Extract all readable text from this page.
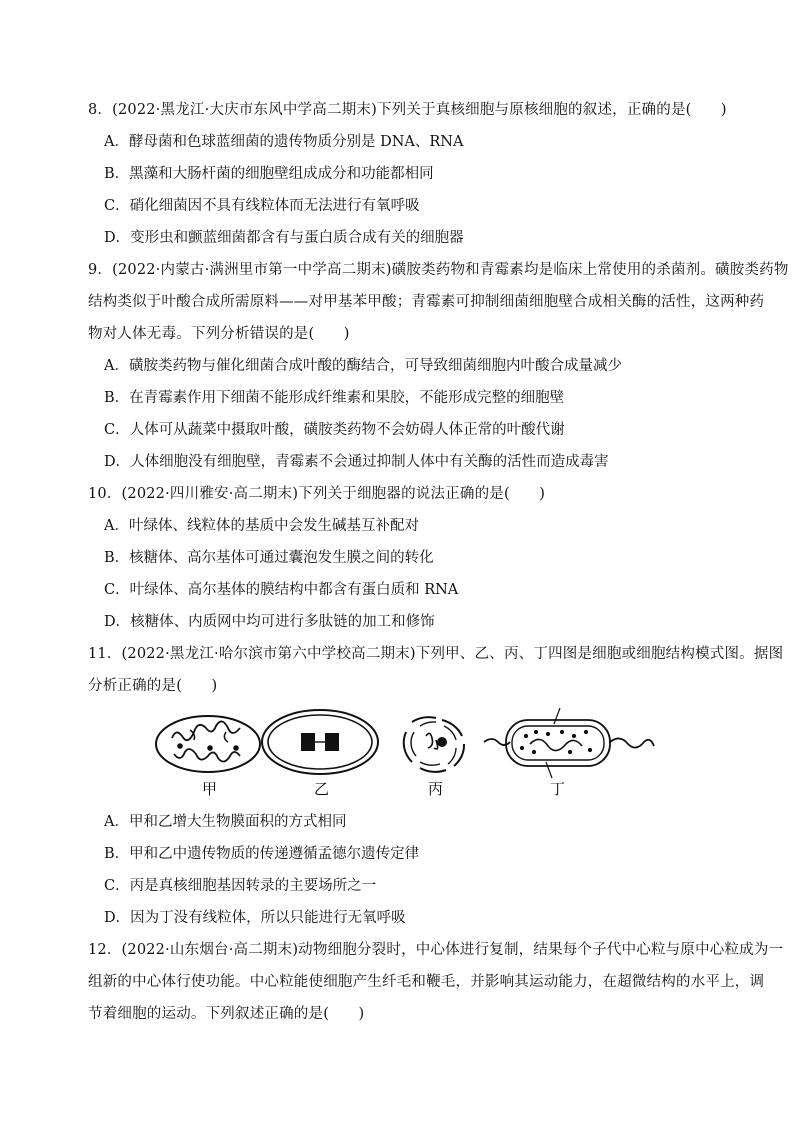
8．(2022·黑龙江·大庆市东风中学高二期末)下列关于真核细胞与原核细胞的叙述，正确的是(　　)

A．酵母菌和色球蓝细菌的遗传物质分别是 DNA、RNA
B．黑藻和大肠杆菌的细胞壁组成成分和功能都相同
C．硝化细菌因不具有线粒体而无法进行有氧呼吸
D．变形虫和颤蓝细菌都含有与蛋白质合成有关的细胞器

9．(2022·内蒙古·满洲里市第一中学高二期末)磺胺类药物和青霉素均是临床上常使用的杀菌剂。磺胺类药物

结构类似于叶酸合成所需原料——对甲基苯甲酸；青霉素可抑制细菌细胞壁合成相关酶的活性，这两种药

物对人体无毒。下列分析错误的是(　　)

A．磺胺类药物与催化细菌合成叶酸的酶结合，可导致细菌细胞内叶酸合成量减少
B．在青霉素作用下细菌不能形成纤维素和果胶，不能形成完整的细胞壁
C．人体可从蔬菜中摄取叶酸，磺胺类药物不会妨碍人体正常的叶酸代谢
D．人体细胞没有细胞壁，青霉素不会通过抑制人体中有关酶的活性而造成毒害

10．(2022·四川雅安·高二期末)下列关于细胞器的说法正确的是(　　)

A．叶绿体、线粒体的基质中会发生碱基互补配对
B．核糖体、高尔基体可通过囊泡发生膜之间的转化
C．叶绿体、高尔基体的膜结构中都含有蛋白质和 RNA
D．核糖体、内质网中均可进行多肽链的加工和修饰

11．(2022·黑龙江·哈尔滨市第六中学校高二期末)下列甲、乙、丙、丁四图是细胞或细胞结构模式图。据图

分析正确的是(　　)

甲	乙	丙	丁
A．甲和乙增大生物膜面积的方式相同
B．甲和乙中遗传物质的传递遵循孟德尔遗传定律
C．丙是真核细胞基因转录的主要场所之一
D．因为丁没有线粒体，所以只能进行无氧呼吸

12．(2022·山东烟台·高二期末)动物细胞分裂时，中心体进行复制，结果每个子代中心粒与原中心粒成为一

组新的中心体行使功能。中心粒能使细胞产生纤毛和鞭毛，并影响其运动能力，在超微结构的水平上，调

节着细胞的运动。下列叙述正确的是(　　)
